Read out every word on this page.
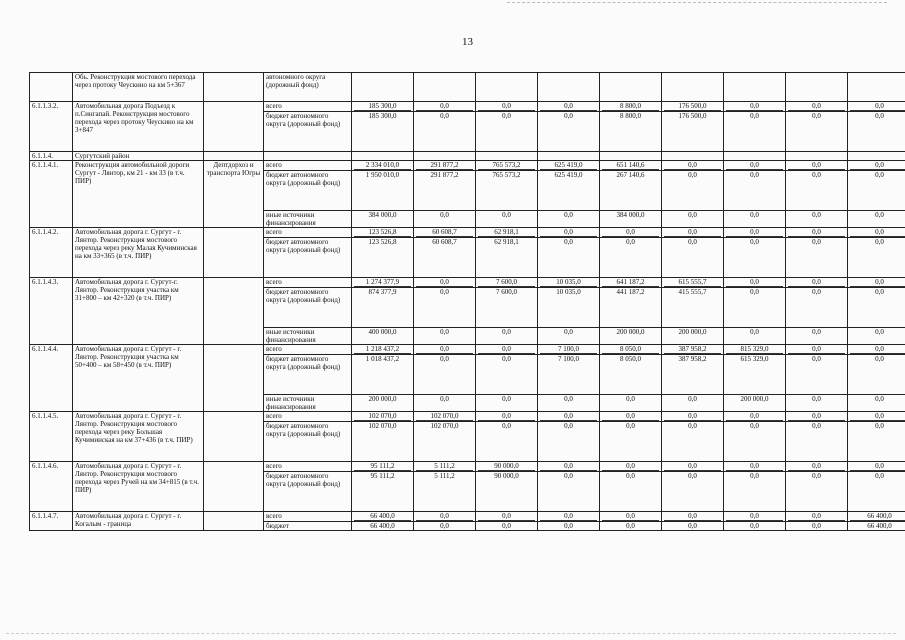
13
	Обь. Реконструкция мостового перехода через протоку Чеускино на км 5+367		автономного округа (дорожный фонд)	

6.1.1.3.2.	Автомобильная дорога Подъезд к п.Сингапай. Реконструкция мостового перехода через протоку Чеускино на км 3+847		всего	185 300,0	0,0	0,0	0,0	8 800,0	176 500,0	0,0	0,0	0,0

			бюджет автономного округа (дорожный фонд)	185 300,0	0,0	0,0	0,0	8 800,0	176 500,0	0,0	0,0	0,0

6.1.1.4.	Сургутский район			

6.1.1.4.1.	Реконструкция автомобильной дороги Сургут - Лянтор, км 21 - км 33 (в т.ч. ПИР)	Дептдорхоз и транспорта Югры	всего	2 334 010,0	291 877,2	765 573,2	625 419,0	651 140,6	0,0	0,0	0,0	0,0

			бюджет автономного округа (дорожный фонд)	1 950 010,0	291 877,2	765 573,2	625 419,0	267 140,6	0,0	0,0	0,0	0,0

			иные источники финансирования	384 000,0	0,0	0,0	0,0	384 000,0	0,0	0,0	0,0	0,0

6.1.1.4.2.	Автомобильная дорога г. Сургут - г. Лянтор. Реконструкция мостового перехода через реку Малая Кучиминская на км 33+365 (в т.ч. ПИР)		всего	123 526,8	60 608,7	62 918,1	0,0	0,0	0,0	0,0	0,0	0,0

			бюджет автономного округа (дорожный фонд)	123 526,8	60 608,7	62 918,1	0,0	0,0	0,0	0,0	0,0	0,0

6.1.1.4.3.	Автомобильная дорога г. Сургут-г. Лянтор. Реконструкция участка км 31+800 – км 42+320 (в т.ч. ПИР)		всего	1 274 377,9	0,0	7 600,0	10 035,0	641 187,2	615 555,7	0,0	0,0	0,0

			бюджет автономного округа (дорожный фонд)	874 377,9	0,0	7 600,0	10 035,0	441 187,2	415 555,7	0,0	0,0	0,0

			иные источники финансирования	400 000,0	0,0	0,0	0,0	200 000,0	200 000,0	0,0	0,0	0,0

6.1.1.4.4.	Автомобильная дорога г. Сургут - г. Лянтор. Реконструкция участка км 50+400 – км 58+450 (в т.ч. ПИР)		всего	1 218 437,2	0,0	0,0	7 100,0	8 050,0	387 958,2	815 329,0	0,0	0,0

			бюджет автономного округа (дорожный фонд)	1 018 437,2	0,0	0,0	7 100,0	8 050,0	387 958,2	615 329,0	0,0	0,0

			иные источники финансирования	200 000,0	0,0	0,0	0,0	0,0	0,0	200 000,0	0,0	0,0

6.1.1.4.5.	Автомобильная дорога г. Сургут - г. Лянтор. Реконструкция мостового перехода через реку Большая Кучиминская на км 37+436 (в т.ч. ПИР)		всего	102 070,0	102 070,0	0,0	0,0	0,0	0,0	0,0	0,0	0,0

			бюджет автономного округа (дорожный фонд)	102 070,0	102 070,0	0,0	0,0	0,0	0,0	0,0	0,0	0,0

6.1.1.4.6.	Автомобильная дорога г. Сургут - г. Лянтор. Реконструкция мостового перехода через Ручей на км 34+815 (в т.ч. ПИР)		всего	95 111,2	5 111,2	90 000,0	0,0	0,0	0,0	0,0	0,0	0,0

			бюджет автономного округа (дорожный фонд)	95 111,2	5 111,2	90 000,0	0,0	0,0	0,0	0,0	0,0	0,0

6.1.1.4.7.	Автомобильная дорога г. Сургут - г. Когалым - граница		всего	66 400,0	0,0	0,0	0,0	0,0	0,0	0,0	0,0	66 400,0

			бюджет	66 400,0	0,0	0,0	0,0	0,0	0,0	0,0	0,0	66 400,0
